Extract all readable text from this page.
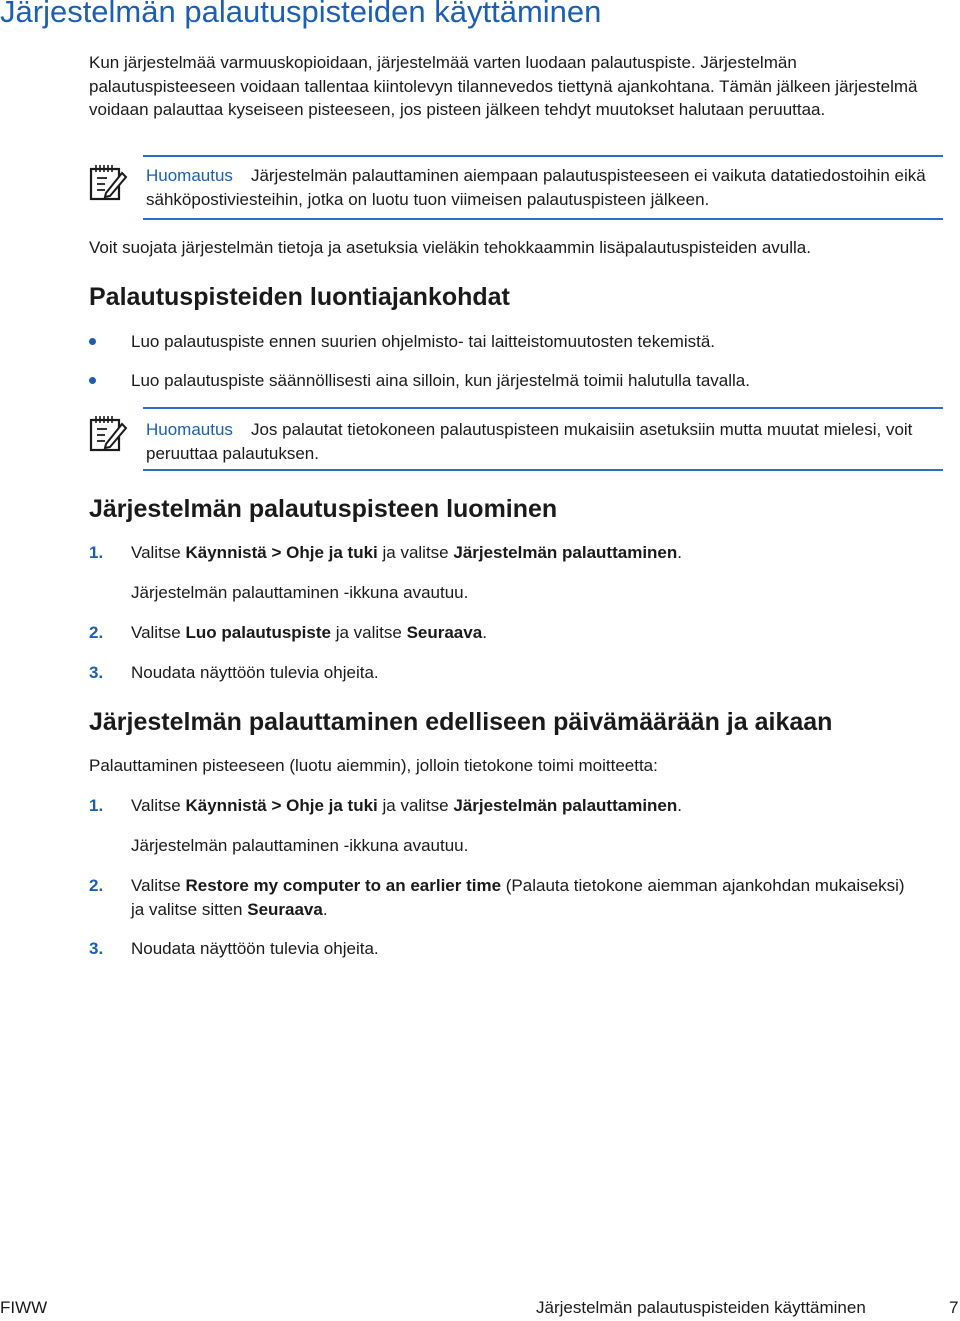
Järjestelmän palautuspisteiden käyttäminen

Kun järjestelmää varmuuskopioidaan, järjestelmää varten luodaan palautuspiste. Järjestelmän palautuspisteeseen voidaan tallentaa kiintolevyn tilannevedos tiettynä ajankohtana. Tämän jälkeen järjestelmä voidaan palauttaa kyseiseen pisteeseen, jos pisteen jälkeen tehdyt muutokset halutaan peruuttaa.

Huomautus Järjestelmän palauttaminen aiempaan palautuspisteeseen ei vaikuta datatiedostoihin eikä sähköpostiviesteihin, jotka on luotu tuon viimeisen palautuspisteen jälkeen.

Voit suojata järjestelmän tietoja ja asetuksia vieläkin tehokkaammin lisäpalautuspisteiden avulla.

Palautuspisteiden luontiajankohdat

Luo palautuspiste ennen suurien ohjelmisto- tai laitteistomuutosten tekemistä.

Luo palautuspiste säännöllisesti aina silloin, kun järjestelmä toimii halutulla tavalla.

Huomautus Jos palautat tietokoneen palautuspisteen mukaisiin asetuksiin mutta muutat mielesi, voit peruuttaa palautuksen.

Järjestelmän palautuspisteen luominen
1. Valitse Käynnistä > Ohje ja tuki ja valitse Järjestelmän palauttaminen.

Järjestelmän palauttaminen -ikkuna avautuu.

2. Valitse Luo palautuspiste ja valitse Seuraava.

3. Noudata näyttöön tulevia ohjeita.

Järjestelmän palauttaminen edelliseen päivämäärään ja aikaan

Palauttaminen pisteeseen (luotu aiemmin), jolloin tietokone toimi moitteetta:

1. Valitse Käynnistä > Ohje ja tuki ja valitse Järjestelmän palauttaminen.

Järjestelmän palauttaminen -ikkuna avautuu.

2. Valitse Restore my computer to an earlier time (Palauta tietokone aiemman ajankohdan mukaiseksi) ja valitse sitten Seuraava.

3. Noudata näyttöön tulevia ohjeita.

FIWW	Järjestelmän palautuspisteiden käyttäminen	7
